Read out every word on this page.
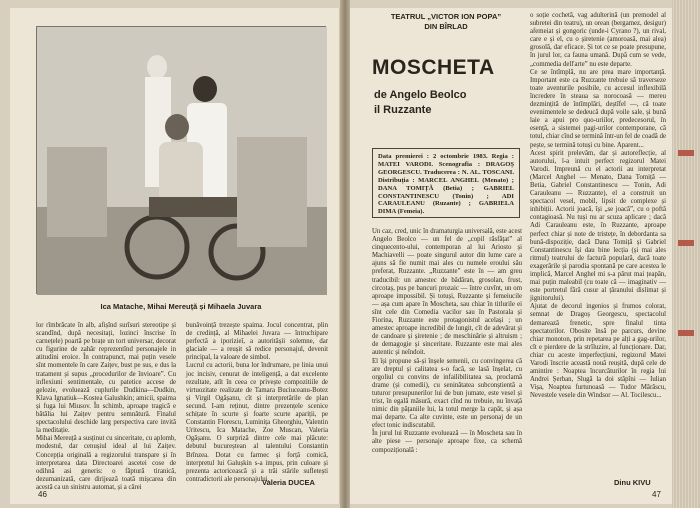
Ica Matache, Mihai Mereuță și Mihaela Juvara
lor rîmbrăcate în alb, afișînd surîsuri stereotipe și scandînd, după necesitați, lozinci înscrise în carnețele) poartă pe brațe un tort universar, decorat cu figurine de zahăr reprezentînd personajele in atitudini eroice. În contrapunct, mai puțin vesele sînt momentele în care Zaițev, bust pe sus, e dus la tratament și supus „procedurilor de învioare”. Cu inflexiuni sentimentale, cu patetice accese de gelozie, evoluează cuplurile Dudkina—Dudkin, Klava Ignatiuk—Kostea Galushkin; amicii, spaima și fuga lui Miusov. În schimb, aproape tragică e bătălia lui Zaițev pentru semnătură. Finalul spectacolului deschide larg perspectiva care invită la meditație.
Mihai Mereuță a susținut cu sinceritate, cu aplomb, modestul, dar cenușiul ideal al lui Zaițev. Concepția originală a regizorului transpare și în interpretarea data Directoarei ascetei cose de odihnă asi generis: o făptură tiranică, dezumanizată, care dirijează toată mișcarea din acestă ca un sinistru automat, și a cărei
bunăvoință trezește spaima. Jocul concentrat, plin de credință, al Mihaelei Juvara — întruchipare perfectă a iporizieî, a autoritășii solemne, dar glaciale — a reușit să redice personajul, devenit principal, la valoare de simbol.
Lucrul cu actorii, buna lor îndrumare, pe linia unui joc incisiv, cenurat de inteligență, a dat excelente rezultate, atît în ceea ce privește compozitiile de virtuozitate realizate de Tamara Buciuceanu-Botez și Virgil Ogășanu, cît și interpretările de plan secund. I-am reținut, dintre prezențele scenice schițate în scurte și foarte scurte apariții, pe Constantin Florescu, Luminița Gheorghiu, Valentin Uritescu, Ica Matache, Zoe Muscan, Valeria Ogășanu. O surpriză dintre cele mai plăcute: debutul bucureștean al talentului Constantin Brînzea. Dotat cu farmec și forță comică, interpretul lui Galușkin s-a impus, prin culoare și prezenta actoricească și a trăi stările sufletești contradictorii ale personajului.
Valeria DUCEA
46
TEATRUL „VICTOR ION POPA”
DIN BÎRLAD
MOSCHETA
de Angelo Beolco
il Ruzzante
Data premierei : 2 octombrie 1983. Regia : MATEI VARODI. Scenografia : DRAGOȘ GEORGESCU. Traducerea : N. AL. TOSCANI. Distribuția : MARCEL ANGHEL (Menato) ; DANA TOMIȚĂ (Betia) ; GABRIEL CONSTANTINESCU (Tonin) ; ADI CARAULEANU (Ruzante) ; GABRIELA DIMA (Femeia).
Un caz, cred, unic în dramaturgia universală, este acest Angelo Beolco — un fel de „copil răsfățat” al cinquecento-ului, contemporan al lui Ariosto și Machiavelli — poate singurul autor din lume care a ajuns să fie numit mai ales cu numele eroului său preferat, Ruzzante. „Ruzzante” este în — am greu traducibil: un amestec de bădăran, grosolan, frust, circotaș, pus pe bancuri prozaic — între cuvînt, un om aproape impossibil. Și totuși, Ruzzante și femeiucile — așa cum apare în Moscheta, sau chiar în titlurile ei sînt cele din Comedia vacilor sau în Pastorala și Fiorina, Ruzzante este protagonistul același ; un amestec aproape incredibil de lungit, cît de adevărat și de candoare și șiretenie ; de meschinărie și altruism ; de demagogie și sinceritate. Ruzzante este mai ales autentic și neîndoit.
El își propune să-și înșele semenii, cu convingerea că are dreptul și calitatea s-o facă, se lasă înșelat, cu orgoliul cu convins de infailibilitatea sa, proclamă drame (și comedii), cu seninătatea subconștientă a tuturor presupunerilor lui de bun jumate, este vesel și trist, în egală măsură, exact cînd nu trebuie, nu învață nimic din pățaniile lui, la totul merge la capăt, și așa mai departe. Ca alte cuvinte, este un personaj de un efect tonic indiscutabil.
În jurul lui Ruzzante evoluează — în Moscheta sau în alte piese — personaje aproape fixe, ca schemă compozițională :
o soție cochetă, vag adulterină (un premodel al subretei din teatru), un orean (bergamez, desigur) afemeiat și gongoric (unde-i Cyrano ?), un rival, care e și el, cu o șiretenie (amoroasă, mai alea) grosolă, dar eficace. Și tot ce se poate presupune, în jurul lor, ca fauna umană. După cum se vede, „commedia dell'arte” nu este departe.
Ce se întîmplă, nu are prea mare importanță. Important este ca Ruzzante trebuie să traverseze toate aventurile posibile, cu accesul inflexibilă încredere în steaua sa norocoasă — mereu dezmințită de întîmplări, deștîfel —, că toate evenimentele se dedeucă după voile sale, și bună laie a apui pro quo-uriilor, predecesorul, în esență, a sistemei pagi-urilor contemporane, că totul, chiar cînd se termină într-un fel de coadă de pește, se termină totuși cu bine. Aparent...
Acest spirit prelevăm, dar și autoreflecție, al autorului, l-a intuit perfect regizorul Matei Varodi. Impreună cu el actorii au interpretat (Marcel Anghel — Menato, Dana Tomiță — Betia, Gabriel Constantinescu — Tonin, Adi Carauleanu — Ruzzante), el a construit un spectacol vesel, mobil, lipsit de complexe și inhibiții. Actorii joacă, își „se joacă”, cu o poftă contagioasă. Nu tuși nu ar scuza aplicare ; dacă Adi Carauleanu este, în Ruzzante, aproape perfect chiar și note de tristețe, în debordanta sa bună-dispoziție, dacă Dana Tomiță și Gabriel Constantinescu își dau bine lecția (și mai ales ritmul) teatrului de factură populară, dacă toate exagerările și parodia spontană pe care acestea le implică, Marcel Anghel mi s-a părut mai țeapăn, mai puțin maleabil (cu toate că — imaginativ — este portretul fără cusur al țăranului dislimat și jignitorului).
Ajutat de decorul ingenios și frumos colorat, semnat de Dragoș Georgescu, spectacolul demarează frenetic, spre finalul tinta spectatorilor. Obosite însă pe parcurs, devine chiar monoton, prin repetarea pe alți a gag-urilor, cît e pierdere de la strîluzire, al funcționare. Dar, chiar cu aceste imperfecțiuni, regizorul Matei Varodi înscrie această nouă reușită, după cele de amintire : Noaptea încurcăturilor în regia lui Andrei Șerban, Slugă la doi stăpîni — Iulian Vișa, Noaptea furtunoasă — Tudor Mărăscu, Nevestele vesele din Windsor — Al. Tocilescu...
Dinu KIVU
47
